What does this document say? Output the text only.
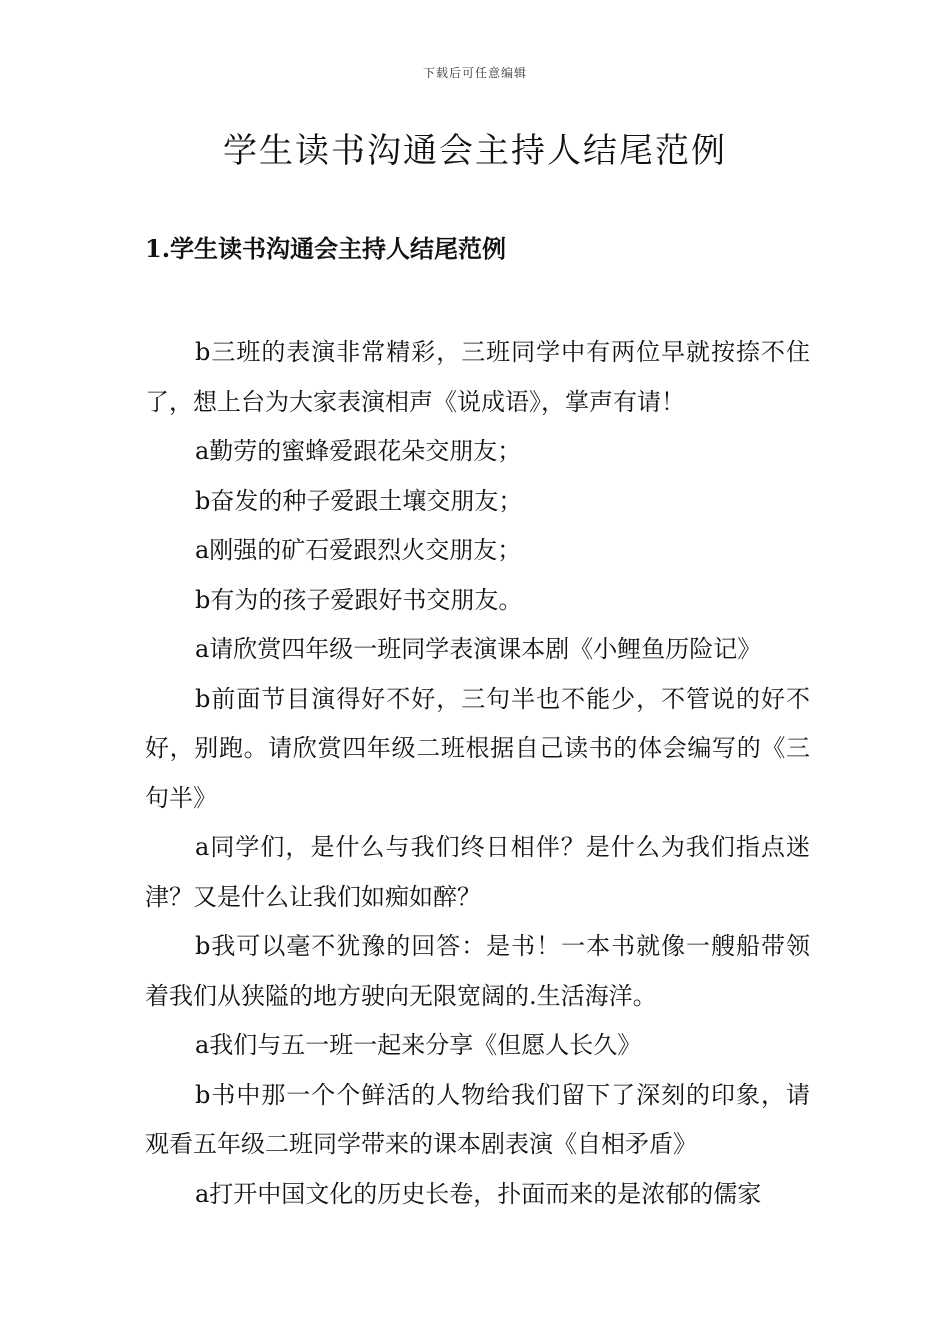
下载后可任意编辑
学生读书沟通会主持人结尾范例
1.学生读书沟通会主持人结尾范例

b三班的表演非常精彩，三班同学中有两位早就按捺不住了，想上台为大家表演相声《说成语》，掌声有请！

a勤劳的蜜蜂爱跟花朵交朋友；

b奋发的种子爱跟土壤交朋友；

a刚强的矿石爱跟烈火交朋友；

b有为的孩子爱跟好书交朋友。

a请欣赏四年级一班同学表演课本剧《小鲤鱼历险记》

b前面节目演得好不好，三句半也不能少，不管说的好不好，别跑。请欣赏四年级二班根据自己读书的体会编写的《三句半》

a同学们，是什么与我们终日相伴？是什么为我们指点迷津？又是什么让我们如痴如醉？

b我可以毫不犹豫的回答：是书！一本书就像一艘船带领着我们从狭隘的地方驶向无限宽阔的.生活海洋。

a我们与五一班一起来分享《但愿人长久》

b书中那一个个鲜活的人物给我们留下了深刻的印象，请观看五年级二班同学带来的课本剧表演《自相矛盾》

a打开中国文化的历史长卷，扑面而来的是浓郁的儒家
